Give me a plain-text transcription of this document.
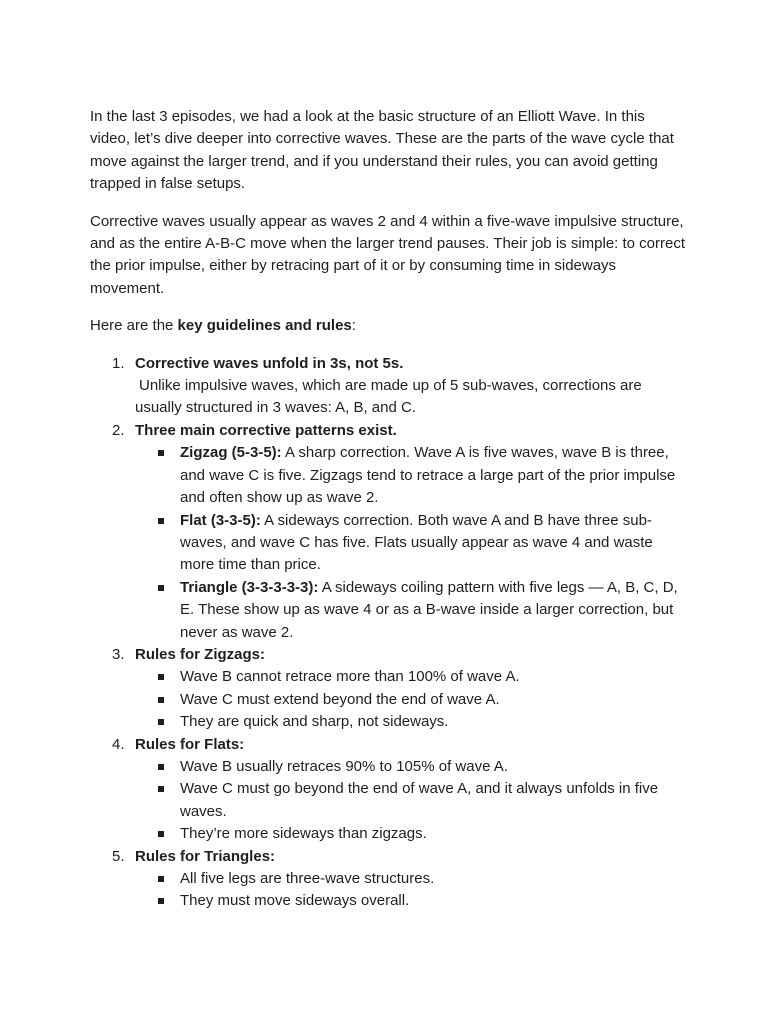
In the last 3 episodes, we had a look at the basic structure of an Elliott Wave. In this video, let’s dive deeper into corrective waves. These are the parts of the wave cycle that move against the larger trend, and if you understand their rules, you can avoid getting trapped in false setups.

Corrective waves usually appear as waves 2 and 4 within a five-wave impulsive structure, and as the entire A-B-C move when the larger trend pauses. Their job is simple: to correct the prior impulse, either by retracing part of it or by consuming time in sideways movement.

Here are the key guidelines and rules:

1. Corrective waves unfold in 3s, not 5s.
Unlike impulsive waves, which are made up of 5 sub-waves, corrections are usually structured in 3 waves: A, B, and C.
2. Three main corrective patterns exist.
Zigzag (5-3-5): A sharp correction. Wave A is five waves, wave B is three, and wave C is five. Zigzags tend to retrace a large part of the prior impulse and often show up as wave 2.
Flat (3-3-5): A sideways correction. Both wave A and B have three sub-waves, and wave C has five. Flats usually appear as wave 4 and waste more time than price.
Triangle (3-3-3-3-3): A sideways coiling pattern with five legs — A, B, C, D, E. These show up as wave 4 or as a B-wave inside a larger correction, but never as wave 2.
3. Rules for Zigzags:
Wave B cannot retrace more than 100% of wave A.
Wave C must extend beyond the end of wave A.
They are quick and sharp, not sideways.
4. Rules for Flats:
Wave B usually retraces 90% to 105% of wave A.
Wave C must go beyond the end of wave A, and it always unfolds in five waves.
They’re more sideways than zigzags.
5. Rules for Triangles:
All five legs are three-wave structures.
They must move sideways overall.
